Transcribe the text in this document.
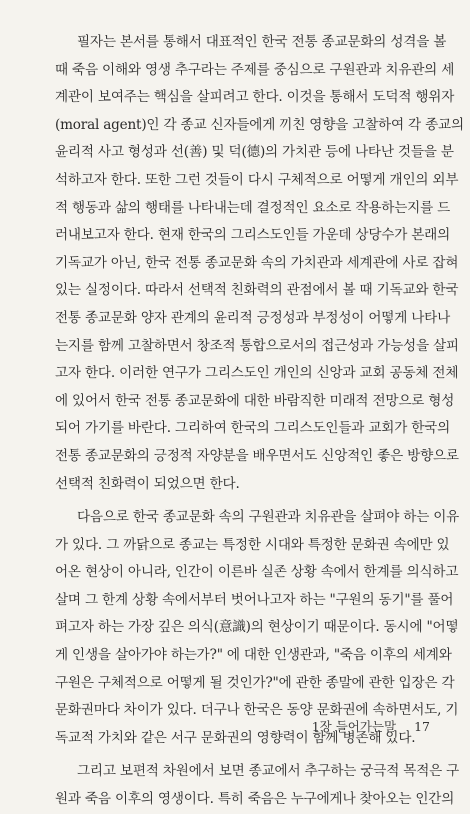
필자는 본서를 통해서 대표적인 한국 전통 종교문화의 성격을 볼

때 죽음 이해와 영생 추구라는 주제를 중심으로 구원관과 치유관의 세

계관이 보여주는 핵심을 살피려고 한다. 이것을 통해서 도덕적 행위자

(moral agent)인 각 종교 신자들에게 끼친 영향을 고찰하여 각 종교의

윤리적 사고 형성과 선(善) 및 덕(德)의 가치관 등에 나타난 것들을 분

석하고자 한다. 또한 그런 것들이 다시 구체적으로 어떻게 개인의 외부

적 행동과 삶의 행태를 나타내는데 결정적인 요소로 작용하는지를 드

러내보고자 한다. 현재 한국의 그리스도인들 가운데 상당수가 본래의

기독교가 아닌, 한국 전통 종교문화 속의 가치관과 세계관에 사로 잡혀

있는 실정이다. 따라서 선택적 친화력의 관점에서 볼 때 기독교와 한국

전통 종교문화 양자 관계의 윤리적 긍정성과 부정성이 어떻게 나타나

는지를 함께 고찰하면서 창조적 통합으로서의 접근성과 가능성을 살피

고자 한다. 이러한 연구가 그리스도인 개인의 신앙과 교회 공동체 전체

에 있어서 한국 전통 종교문화에 대한 바람직한 미래적 전망으로 형성

되어 가기를 바란다. 그리하여 한국의 그리스도인들과 교회가 한국의

전통 종교문화의 긍정적 자양분을 배우면서도 신앙적인 좋은 방향으로

선택적 친화력이 되었으면 한다.

다음으로 한국 종교문화 속의 구원관과 치유관을 살펴야 하는 이유

가 있다. 그 까닭으로 종교는 특정한 시대와 특정한 문화권 속에만 있

어온 현상이 아니라, 인간이 이른바 실존 상황 속에서 한계를 의식하고

살며 그 한계 상황 속에서부터 벗어나고자 하는 "구원의 동기"를 풀어

펴고자 하는 가장 깊은 의식(意識)의 현상이기 때문이다. 동시에 "어떻

게 인생을 살아가야 하는가?" 에 대한 인생관과, "죽음 이후의 세계와

구원은 구체적으로 어떻게 될 것인가?"에 관한 종말에 관한 입장은 각

문화권마다 차이가 있다. 더구나 한국은 동양 문화권에 속하면서도, 기

독교적 가치와 같은 서구 문화권의 영향력이 함께 병존해 있다.

그리고 보편적 차원에서 보면 종교에서 추구하는 궁극적 목적은 구

원과 죽음 이후의 영생이다. 특히 죽음은 누구에게나 찾아오는 인간의

1장 들어가는말 17
